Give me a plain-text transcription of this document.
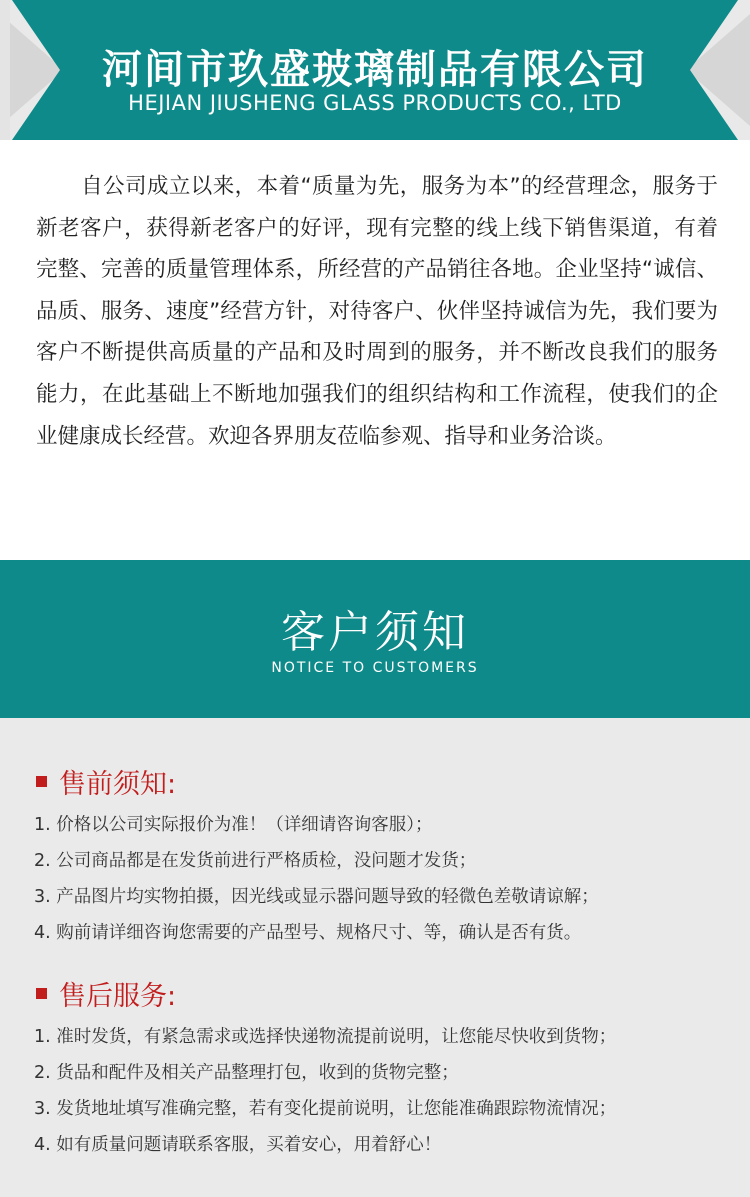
河间市玖盛玻璃制品有限公司
HEJIAN JIUSHENG GLASS PRODUCTS CO., LTD

自公司成立以来，本着“质量为先，服务为本”的经营理念，服务于新老客户，获得新老客户的好评，现有完整的线上线下销售渠道，有着完整、完善的质量管理体系，所经营的产品销往各地。企业坚持“诚信、品质、服务、速度”经营方针，对待客户、伙伴坚持诚信为先，我们要为客户不断提供高质量的产品和及时周到的服务，并不断改良我们的服务能力，在此基础上不断地加强我们的组织结构和工作流程，使我们的企业健康成长经营。欢迎各界朋友莅临参观、指导和业务洽谈。

客户须知
NOTICE TO CUSTOMERS
售前须知:
1. 价格以公司实际报价为准！（详细请咨询客服）；
2. 公司商品都是在发货前进行严格质检，没问题才发货；
3. 产品图片均实物拍摄，因光线或显示器问题导致的轻微色差敬请谅解；
4. 购前请详细咨询您需要的产品型号、规格尺寸、等，确认是否有货。
售后服务:
1. 准时发货，有紧急需求或选择快递物流提前说明，让您能尽快收到货物；
2. 货品和配件及相关产品整理打包，收到的货物完整；
3. 发货地址填写准确完整，若有变化提前说明，让您能准确跟踪物流情况；
4. 如有质量问题请联系客服，买着安心，用着舒心！
